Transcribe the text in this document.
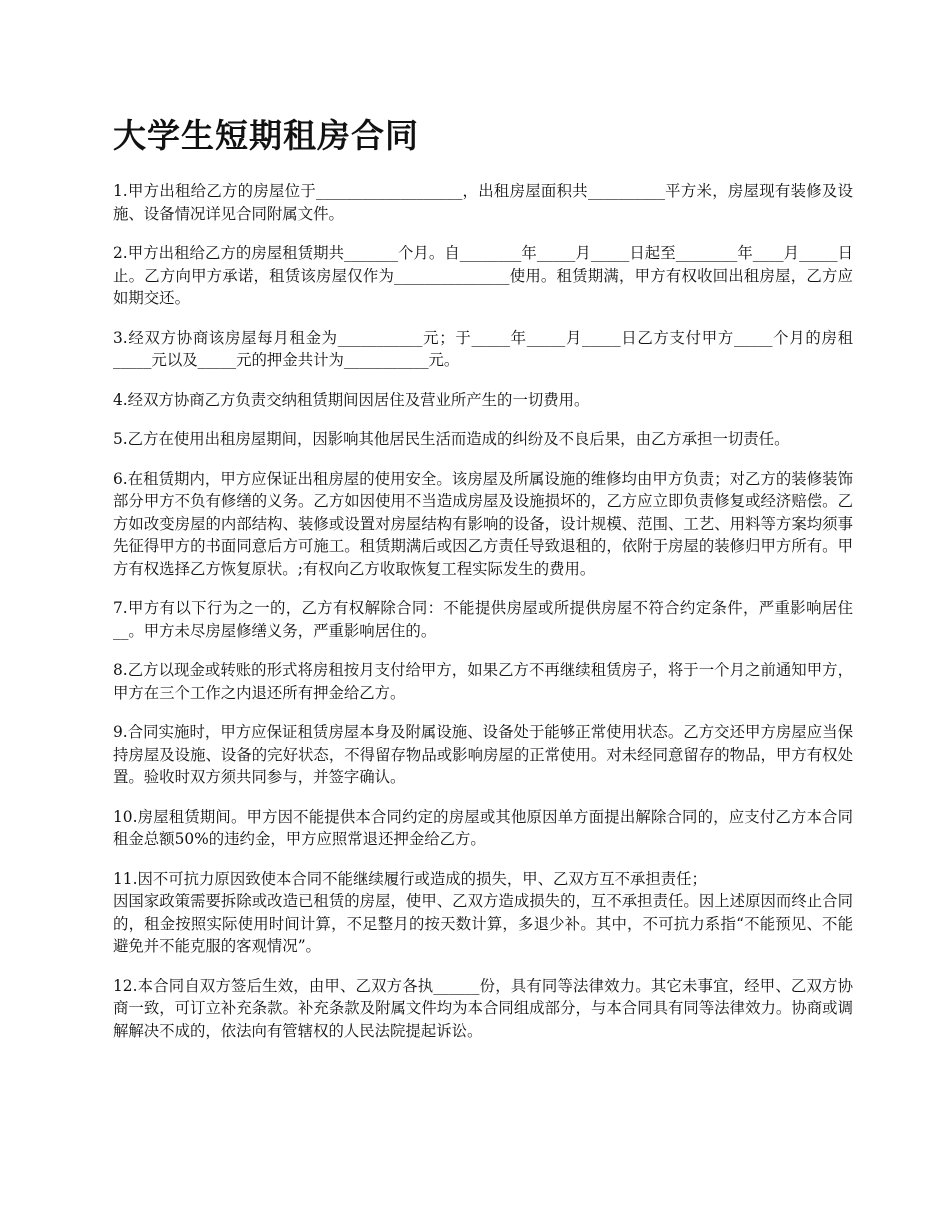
大学生短期租房合同

1.甲方出租给乙方的房屋位于___________________，出租房屋面积共__________平方米，房屋现有装修及设施、设备情况详见合同附属文件。

2.甲方出租给乙方的房屋租赁期共_______个月。自________年_____月_____日起至________年____月_____日止。乙方向甲方承诺，租赁该房屋仅作为_______________使用。租赁期满，甲方有权收回出租房屋，乙方应如期交还。

3.经双方协商该房屋每月租金为___________元；于_____年_____月_____日乙方支付甲方_____个月的房租_____元以及_____元的押金共计为___________元。

4.经双方协商乙方负责交纳租赁期间因居住及营业所产生的一切费用。

5.乙方在使用出租房屋期间，因影响其他居民生活而造成的纠纷及不良后果，由乙方承担一切责任。

6.在租赁期内，甲方应保证出租房屋的使用安全。该房屋及所属设施的维修均由甲方负责；对乙方的装修装饰部分甲方不负有修缮的义务。乙方如因使用不当造成房屋及设施损坏的，乙方应立即负责修复或经济赔偿。乙方如改变房屋的内部结构、装修或设置对房屋结构有影响的设备，设计规模、范围、工艺、用料等方案均须事先征得甲方的书面同意后方可施工。租赁期满后或因乙方责任导致退租的，依附于房屋的装修归甲方所有。甲方有权选择乙方恢复原状。;有权向乙方收取恢复工程实际发生的费用。

7.甲方有以下行为之一的，乙方有权解除合同：不能提供房屋或所提供房屋不符合约定条件，严重影响居住__。甲方未尽房屋修缮义务，严重影响居住的。

8.乙方以现金或转账的形式将房租按月支付给甲方，如果乙方不再继续租赁房子，将于一个月之前通知甲方，甲方在三个工作之内退还所有押金给乙方。

9.合同实施时，甲方应保证租赁房屋本身及附属设施、设备处于能够正常使用状态。乙方交还甲方房屋应当保持房屋及设施、设备的完好状态，不得留存物品或影响房屋的正常使用。对未经同意留存的物品，甲方有权处置。验收时双方须共同参与，并签字确认。

10.房屋租赁期间。甲方因不能提供本合同约定的房屋或其他原因单方面提出解除合同的，应支付乙方本合同租金总额50%的违约金，甲方应照常退还押金给乙方。

11.因不可抗力原因致使本合同不能继续履行或造成的损失，甲、乙双方互不承担责任；
因国家政策需要拆除或改造已租赁的房屋，使甲、乙双方造成损失的，互不承担责任。因上述原因而终止合同的，租金按照实际使用时间计算，不足整月的按天数计算，多退少补。其中，不可抗力系指“不能预见、不能避免并不能克服的客观情况”。

12.本合同自双方签后生效，由甲、乙双方各执______份，具有同等法律效力。其它未事宜，经甲、乙双方协商一致，可订立补充条款。补充条款及附属文件均为本合同组成部分，与本合同具有同等法律效力。协商或调解解决不成的，依法向有管辖权的人民法院提起诉讼。
